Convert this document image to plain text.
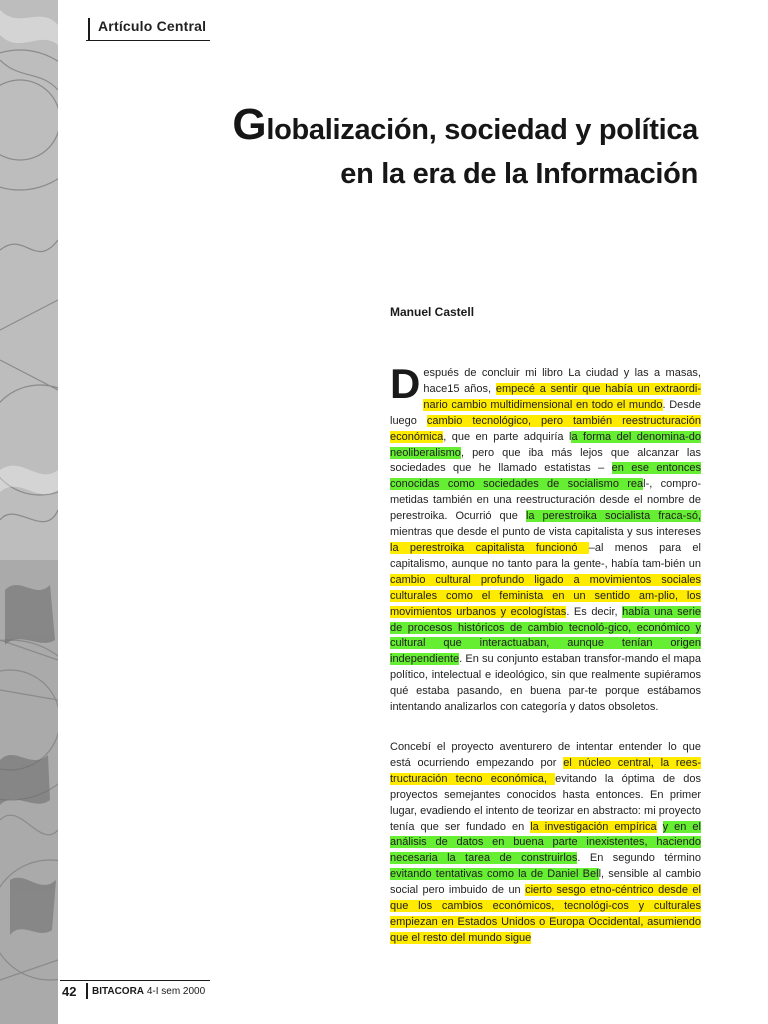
Artículo Central
Globalización, sociedad y política
en la era de la Información
Manuel Castell
D espués de concluir mi libro La ciudad y las a masas, hace15 años, empecé a sentir que había un extraordi-nario cambio multidimensional en todo el mundo. Desde luego cambio tecnológico, pero también reestructuración económica, que en parte adquiría la forma del denomina-do neoliberalismo, pero que iba más lejos que alcanzar las sociedades que he llamado estatistas – en ese entonces conocidas como sociedades de socialismo real-, compro-metidas también en una reestructuración desde el nombre de perestroika. Ocurrió que la perestroika socialista fraca-só, mientras que desde el punto de vista capitalista y sus intereses la perestroika capitalista funcionó –al menos para el capitalismo, aunque no tanto para la gente-, había tam-bién un cambio cultural profundo ligado a movimientos sociales culturales como el feminista en un sentido am-plio, los movimientos urbanos y ecologístas. Es decir, había una serie de procesos históricos de cambio tecnoló-gico, económico y cultural que interactuaban, aunque tenían origen independiente. En su conjunto estaban transfor-mando el mapa político, intelectual e ideológico, sin que realmente supiéramos qué estaba pasando, en buena par-te porque estábamos intentando analizarlos con categoría y datos obsoletos.
Concebí el proyecto aventurero de intentar entender lo que está ocurriendo empezando por el núcleo central, la rees-tructuración tecno económica, evitando la óptima de dos proyectos semejantes conocidos hasta entonces. En primer lugar, evadiendo el intento de teorizar en abstracto: mi proyecto tenía que ser fundado en la investigación empírica y en el análisis de datos en buena parte inexistentes, haciendo necesaria la tarea de construirlos. En segundo término evitando tentativas como la de Daniel Bell, sensible al cambio social pero imbuido de un cierto sesgo etno-céntrico desde el que los cambios económicos, tecnológi-cos y culturales empiezan en Estados Unidos o Europa Occidental, asumiendo que el resto del mundo sigue
42 BITACORA 4-I sem 2000
